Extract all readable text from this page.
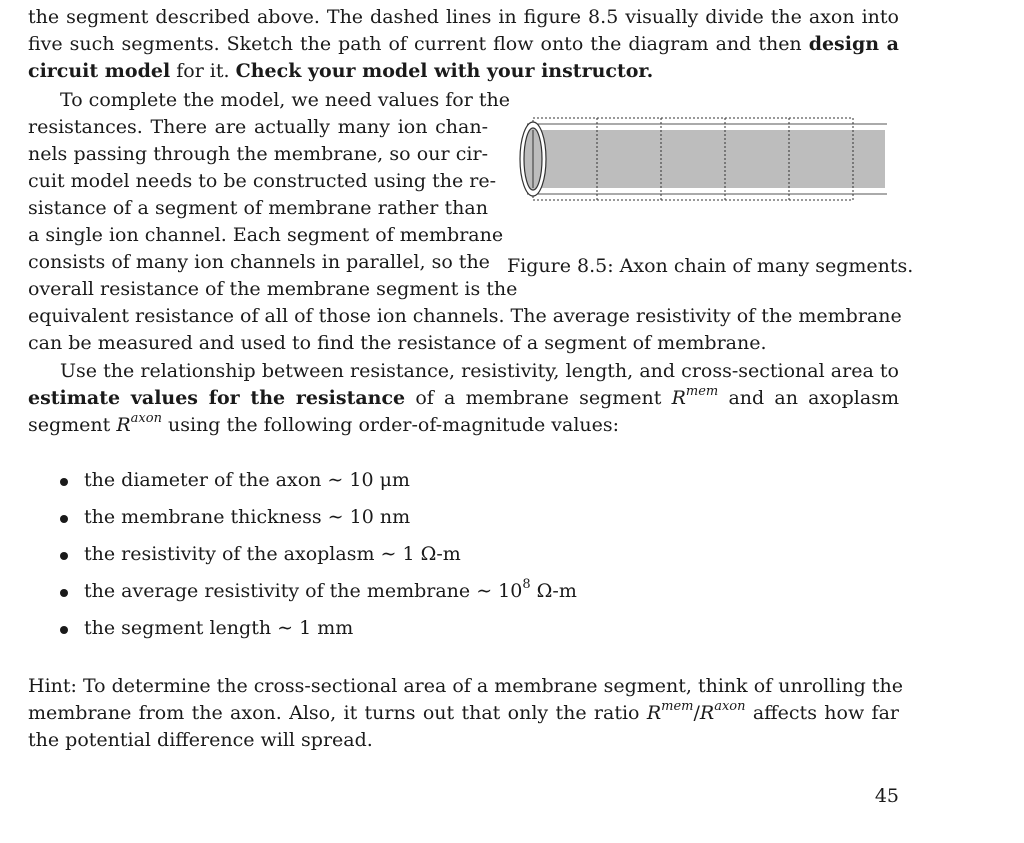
the segment described above. The dashed lines in figure 8.5 visually divide the axon into
five such segments. Sketch the path of current flow onto the diagram and then design a
circuit model for it. Check your model with your instructor.
To complete the model, we need values for the
resistances. There are actually many ion chan-
nels passing through the membrane, so our cir-
cuit model needs to be constructed using the re-
sistance of a segment of membrane rather than
a single ion channel. Each segment of membrane
consists of many ion channels in parallel, so the
overall resistance of the membrane segment is the
equivalent resistance of all of those ion channels. The average resistivity of the membrane
can be measured and used to find the resistance of a segment of membrane.
Figure 8.5: Axon chain of many segments.
Use the relationship between resistance, resistivity, length, and cross-sectional area to
estimate values for the resistance of a membrane segment $R^{mem}$ and an axoplasm
segment $R^{axon}$ using the following order-of-magnitude values:
the diameter of the axon ∼ 10 μm
the membrane thickness ∼ 10 nm
the resistivity of the axoplasm ∼ 1 Ω-m
the average resistivity of the membrane ∼ $10^8$ Ω-m
the segment length ∼ 1 mm
Hint: To determine the cross-sectional area of a membrane segment, think of unrolling the
membrane from the axon. Also, it turns out that only the ratio $R^{mem}/R^{axon}$ affects how far
the potential difference will spread.
45
